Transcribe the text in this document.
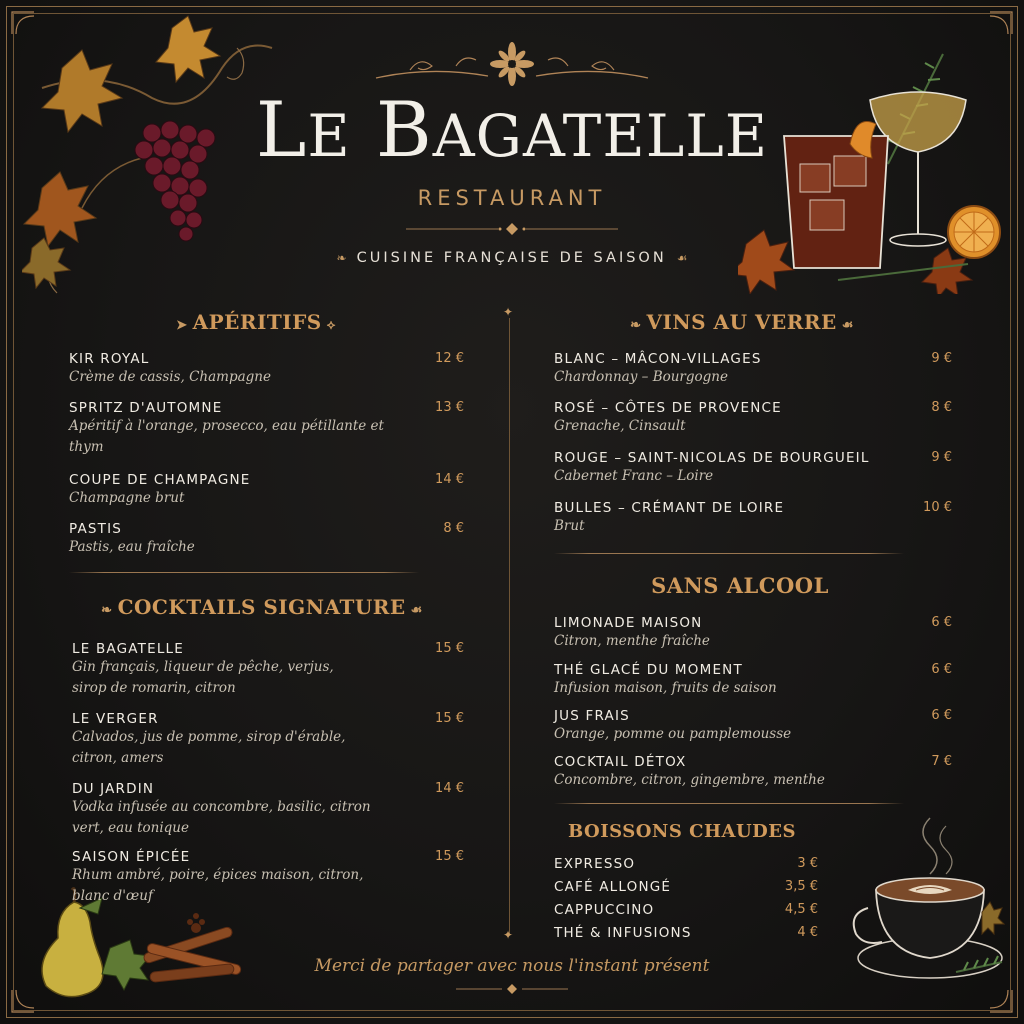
LE BAGATELLE
RESTAURANT
❧ CUISINE FRANÇAISE DE SAISON ☙
✦
✦
➤ APÉRITIFS ⟡
KIR ROYAL
Crème de cassis, Champagne
12 €
SPRITZ D'AUTOMNE
Apéritif à l'orange, prosecco, eau pétillante et thym
13 €
COUPE DE CHAMPAGNE
Champagne brut
14 €
PASTIS
Pastis, eau fraîche
8 €
❧ COCKTAILS SIGNATURE ☙
LE BAGATELLE
Gin français, liqueur de pêche, verjus, sirop de romarin, citron
15 €
LE VERGER
Calvados, jus de pomme, sirop d'érable, citron, amers
15 €
DU JARDIN
Vodka infusée au concombre, basilic, citron vert, eau tonique
14 €
SAISON ÉPICÉE
Rhum ambré, poire, épices maison, citron, blanc d'œuf
15 €
❧ VINS AU VERRE ☙
BLANC – MÂCON-VILLAGES
Chardonnay – Bourgogne
9 €
ROSÉ – CÔTES DE PROVENCE
Grenache, Cinsault
8 €
ROUGE – SAINT-NICOLAS DE BOURGUEIL
Cabernet Franc – Loire
9 €
BULLES – CRÉMANT DE LOIRE
Brut
10 €
SANS ALCOOL
LIMONADE MAISON
Citron, menthe fraîche
6 €
THÉ GLACÉ DU MOMENT
Infusion maison, fruits de saison
6 €
JUS FRAIS
Orange, pomme ou pamplemousse
6 €
COCKTAIL DÉTOX
Concombre, citron, gingembre, menthe
7 €
BOISSONS CHAUDES
EXPRESSO	3 €
CAFÉ ALLONGÉ	3,5 €
CAPPUCCINO	4,5 €
THÉ & INFUSIONS	4 €
Merci de partager avec nous l'instant présent
